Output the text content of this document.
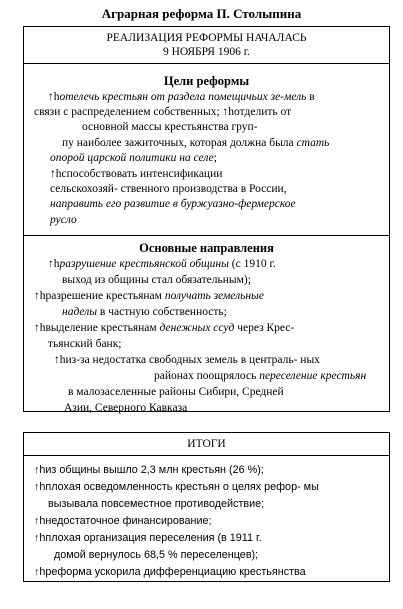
Аграрная реформа П. Столыпина
РЕАЛИЗАЦИЯ РЕФОРМЫ НАЧАЛАСЬ
9 НОЯБРЯ 1906 г.
Цели реформы
↑hотелечь крестьян от раздела помещичьих зе-мель в
связи с распределением собственных; ↑hотделить от
основной массы крестьянства груп-
пу наиболее зажиточных, которая должна была стать
опорой царской политики на селе;
↑hспособствовать интенсификации
сельскохозяй- ственного производства в России,
направить его развитие в буржуазно-фермерское
русло
Основные направления
↑hразрушение крестьянской общины (с 1910 г.
выход из общины стал обязательным);
↑hразрешение крестьянам получать земельные
наделы в частную собственность;
↑hвыделение крестьянам денежных ссуд через Крес-
тьянский банк;
↑hиз-за недостатка свободных земель в централь- ных
районах поощрялось переселение крестьян
в малозаселенные районы Сибири, Средней
Азии, Северного Кавказа
ИТОГИ
↑hиз общины вышло 2,3 млн крестьян (26 %);
↑hплохая осведомленность крестьян о целях рефор- мы
вызывала повсеместное противодействие;
↑hнедостаточное финансирование;
↑hплохая организация переселения (в 1911 г.
домой вернулось 68,5 % переселенцев);
↑hреформа ускорила дифференциацию крестьянства
